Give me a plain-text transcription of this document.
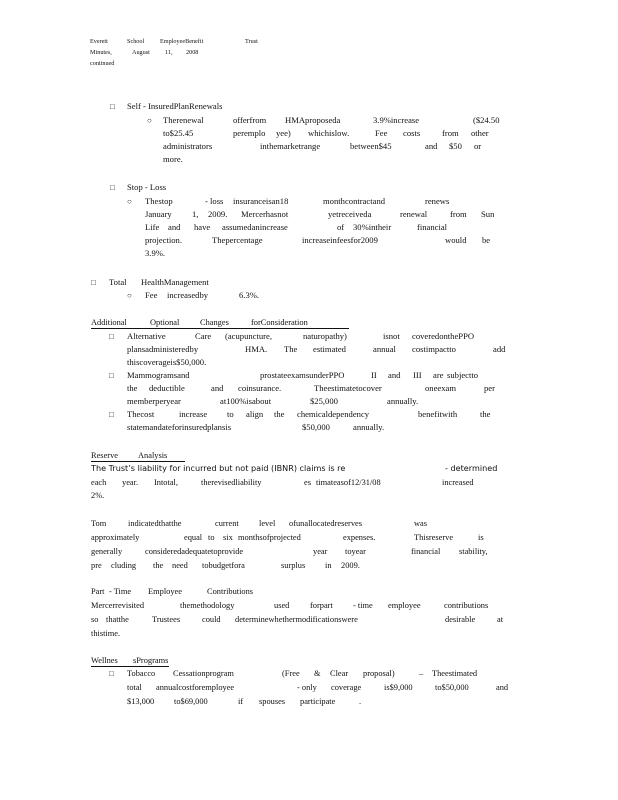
Everett	School	EmployeeBenefit	Trust
Minutes,	August 11, 2008
continued
□ Self - InsuredPlanRenewals
○ Therenewal	offerfrom HMAproposeda	3.9%increase	($24.50
to$25.45	peremplo yee) whichislow.	Fee costs	from other
administrators	inthemarketrange	between$45	and $50 or
more.
□ Stop - Loss
○ Thestop	- loss insuranceisan18	monthcontractand	renews
January 1, 2009. Mercerhasnot	yetreceiveda	renewal	from Sun
Life and have assumedanincrease	of 30%intheir	financial
projection.	Thepercentage	increaseinfeesfor2009	would be
3.9%.
□ Total HealthManagement
○ Fee increasedby	6.3%.
Additional	Optional Changes	forConsideration
□ Alternative	Care (acupuncture,	naturopathy)	isnot coveredonthePPO
plansadministeredby	HMA. The estimated	annual costimpactto	add
thiscoverageis$50,000.
□ Mammogramsand	prostateexamsunderPPO	II and III are subjectto
the deductible	and coinsurance.	Theestimatetocover	oneexam	per
memberperyear	at100%isabout	$25,000	annually.
□ Thecost	increase to align the chemicaldependency	benefitwith	the
statemandateforinsuredplansis	$50,000	annually.
Reserve Analysis
The Trust’s liability for incurred but not paid (IBNR) claims is re	- determined
each year. Intotal,	therevisedliability	es timateasof12/31/08	increased
2%.
Tom	indicatedthatthe	current level ofunallocatedreserves	was
approximately	equal to six monthsofprojected	expenses.	Thisreserve	is
generally	consideredadequatetoprovide	year toyear	financial stability,
pre cluding the need tobudgetfora	surplus in 2009.
Part - Time Employee	Contributions
Mercerrevisited	themethodology	used forpart - time employee	contributions
so thatthe	Trustees	could determinewhethermodificationswere	desirable	at
thistime.
Wellnes sPrograms
□ Tobacco Cessationprogram	(Free & Clear proposal)	– Theestimated
total annualcostforemployee	- only coverage	is$9,000	to$50,000	and
$13,000 to$69,000	if spouses participate	.
